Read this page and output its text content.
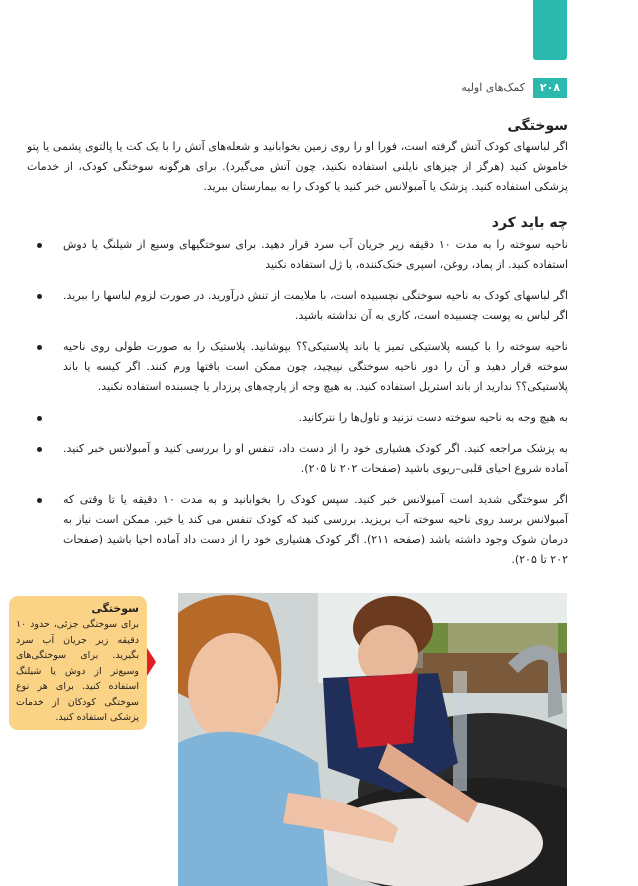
کمک‌های اولیه	۲۰۸
سوختگی

اگر لباسهای کودک آتش گرفته است، فورا او را روی زمین بخوابانید و شعله‌های آتش را با یک کت یا پالتوی پشمی یا پتو خاموش کنید (هرگز از چیزهای نایلنی استفاده نکنید، چون آتش می‌گیرد). برای هرگونه سوختگی کودک، از خدمات پزشکی استفاده کنید. پزشک یا آمبولانس خبر کنید یا کودک را به بیمارستان ببرید.

چه باید کرد
ناحیه سوخته را به مدت ۱۰ دقیقه زیر جریان آب سرد قرار دهید. برای سوختگیهای وسیع از شیلنگ یا دوش استفاده کنید. از پماد، روغن، اسپری خنک‌کننده، یا ژل استفاده نکنید
اگر لباسهای کودک به ناحیه سوختگی نچسبیده است، با ملایمت از تنش درآورید. در صورت لزوم لباسها را ببرید. اگر لباس به پوست چسبیده است، کاری به آن نداشته باشید.
ناحیه سوخته را با کیسه پلاستیکی تمیز یا باند پلاستیکی؟؟ بپوشانید. پلاستیک را به صورت طولی روی ناحیه سوخته قرار دهید و آن را دور ناحیه سوختگی نپیچید، چون ممکن است بافتها ورم کنند. اگر کیسه یا باند پلاستیکی؟؟ ندارید از باند استریل استفاده کنید. به هیچ وجه از پارچه‌های پرزدار یا چسبنده استفاده نکنید.
به هیچ وجه به ناحیه سوخته دست نزنید و تاول‌ها را نترکانید.
به پزشک مراجعه کنید. اگر کودک هشیاری خود را از دست داد، تنفس او را بررسی کنید و آمبولانس خبر کنید. آماده شروع احیای قلبی–ریوی باشید (صفحات ۲۰۲ تا ۲۰۵).
اگر سوختگی شدید است آمبولانس خبر کنید. سپس کودک را بخوابانید و به مدت ۱۰ دقیقه یا تا وقتی که آمبولانس برسد روی ناحیه سوخته آب بریزید. بررسی کنید که کودک تنفس می کند یا خیر. ممکن است نیاز به درمان شوک وجود داشته باشد (صفحه ۲۱۱). اگر کودک هشیاری خود را از دست داد آماده احیا باشید (صفحات ۲۰۲ تا ۲۰۵).

سوختگی

برای سوختگی جزئی، حدود ۱۰ دقیقه زیر جریان آب سرد بگیرید. برای سوختگی‌های وسیع‌تر از دوش یا شیلنگ استفاده کنید. برای هر نوع سوختگی کودکان از خدمات پزشکی استفاده کنید.
